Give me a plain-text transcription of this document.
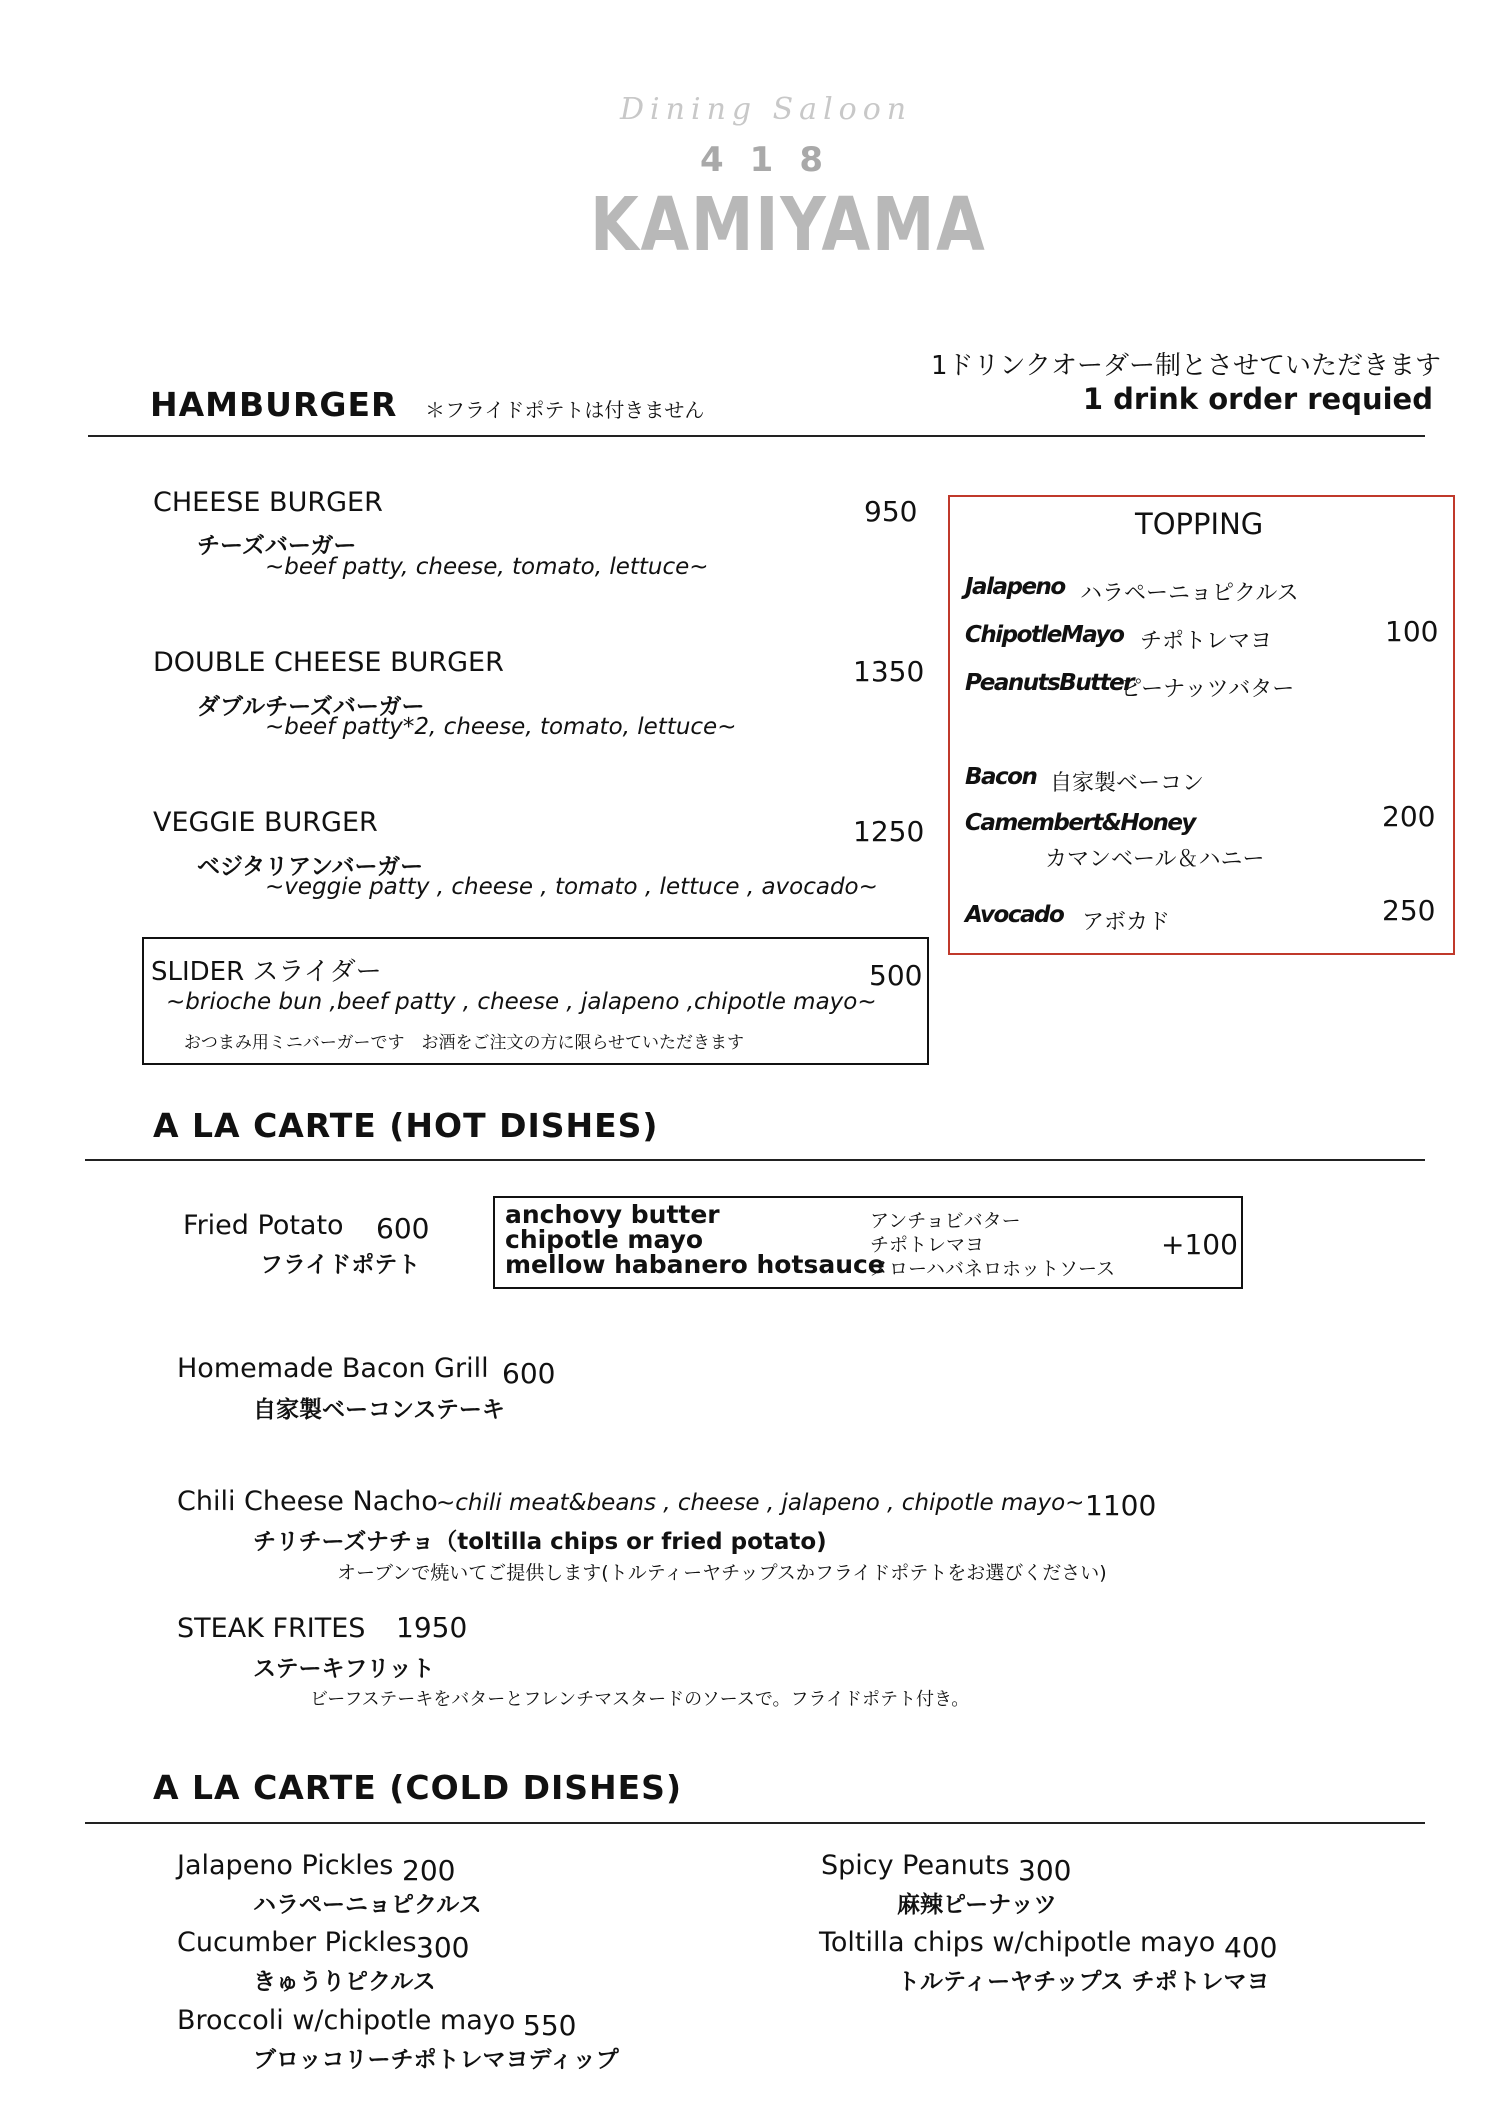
Dining Saloon
418
KAMIYAMA
1ドリンクオーダー制とさせていただきます
1 drink order requied
HAMBURGER ＊フライドポテトは付きません
CHEESE BURGER
チーズバーガー
~beef patty, cheese, tomato, lettuce~
950
DOUBLE CHEESE BURGER
ダブルチーズバーガー
~beef patty*2, cheese, tomato, lettuce~
1350
VEGGIE BURGER
ベジタリアンバーガー
~veggie patty , cheese , tomato , lettuce , avocado~
1250
SLIDER スライダー
~brioche bun ,beef patty , cheese , jalapeno ,chipotle mayo~
おつまみ用ミニバーガーです　お酒をご注文の方に限らせていただきます
500
TOPPING
Jalapeno ハラペーニョピクルス
ChipotleMayo チポトレマヨ
PeanutsButter
ピーナッツバター
100
Bacon 自家製ベーコン
Camembert&Honey
カマンベール＆ハニー
200
Avocado アボカド	250
A LA CARTE (HOT DISHES)
Fried Potato 600
フライドポテト
anchovy butter
chipotle mayo
mellow habanero hotsauce
アンチョビバター
チポトレマヨ
メローハバネロホットソース
+100
Homemade Bacon Grill 600
自家製ベーコンステーキ
Chili Cheese Nacho
~chili meat&beans , cheese , jalapeno , chipotle mayo~ 1100
チリチーズナチョ（toltilla chips or fried potato)
オーブンで焼いてご提供します(トルティーヤチップスかフライドポテトをお選びください)
STEAK FRITES 1950
ステーキフリット
ビーフステーキをバターとフレンチマスタードのソースで。フライドポテト付き。
A LA CARTE (COLD DISHES)
Jalapeno Pickles 200
ハラペーニョピクルス
Cucumber Pickles 300
きゅうりピクルス
Broccoli w/chipotle mayo 550
ブロッコリーチポトレマヨディップ
Spicy Peanuts 300
麻辣ピーナッツ
Toltilla chips w/chipotle mayo 400
トルティーヤチップス チポトレマヨ
